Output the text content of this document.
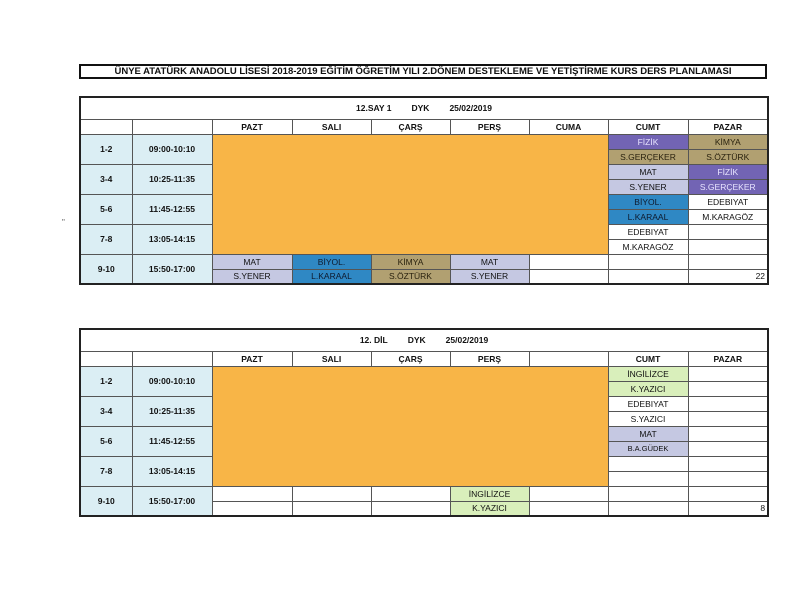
ÜNYE ATATÜRK ANADOLU LİSESİ 2018-2019 EĞİTİM ÖĞRETİM YILI 2.DÖNEM DESTEKLEME VE YETİŞTİRME KURS DERS PLANLAMASI
"
12.SAY 1 DYK 25/02/2019								
		PAZT	SALI	ÇARŞ	PERŞ	CUMA	CUMT	PAZAR
1-2	09:00-10:10						FİZİK	KİMYA
							S.GERÇEKER	S.ÖZTÜRK
3-4	10:25-11:35						MAT	FİZİK
							S.YENER	S.GERÇEKER
5-6	11:45-12:55						BİYOL.	EDEBIYAT
							L.KARAAL	M.KARAGÖZ
7-8	13:05-14:15						EDEBIYAT	
							M.KARAGÖZ	
9-10	15:50-17:00	MAT	BİYOL.	KİMYA	MAT			
		S.YENER	L.KARAAL	S.ÖZTÜRK	S.YENER			22
12. DİL DYK 25/02/2019								
		PAZT	SALI	ÇARŞ	PERŞ		CUMT	PAZAR
1-2	09:00-10:10						İNGİLİZCE	
							K.YAZICI	
3-4	10:25-11:35						EDEBIYAT	
							S.YAZICI	
5-6	11:45-12:55						MAT	
							B.A.GÜDEK	
7-8	13:05-14:15							

9-10	15:50-17:00				İNGİLİZCE			
					K.YAZICI			8
